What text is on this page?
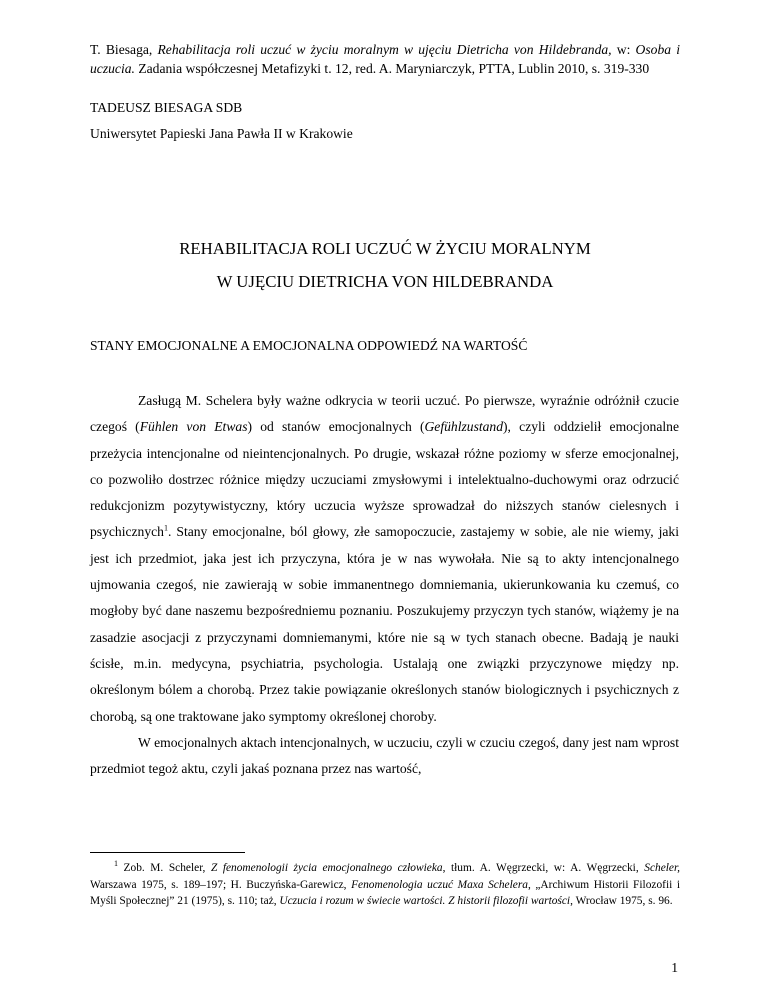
T. Biesaga, Rehabilitacja roli uczuć w życiu moralnym w ujęciu Dietricha von Hildebranda, w: Osoba i uczucia. Zadania współczesnej Metafizyki t. 12, red. A. Maryniarczyk, PTTA, Lublin 2010, s. 319-330
TADEUSZ BIESAGA SDB
Uniwersytet Papieski Jana Pawła II w Krakowie
REHABILITACJA ROLI UCZUĆ W ŻYCIU MORALNYM
W UJĘCIU DIETRICHA VON HILDEBRANDA
STANY EMOCJONALNE A EMOCJONALNA ODPOWIEDŹ NA WARTOŚĆ

Zasługą M. Schelera były ważne odkrycia w teorii uczuć. Po pierwsze, wyraźnie odróżnił czucie czegoś (Fühlen von Etwas) od stanów emocjonalnych (Gefühlzustand), czyli oddzielił emocjonalne przeżycia intencjonalne od nieintencjonalnych. Po drugie, wskazał różne poziomy w sferze emocjonalnej, co pozwoliło dostrzec różnice między uczuciami zmysłowymi i intelektualno-duchowymi oraz odrzucić redukcjonizm pozytywistyczny, który uczucia wyższe sprowadzał do niższych stanów cielesnych i psychicznych$^1$. Stany emocjonalne, ból głowy, złe samopoczucie, zastajemy w sobie, ale nie wiemy, jaki jest ich przedmiot, jaka jest ich przyczyna, która je w nas wywołała. Nie są to akty intencjonalnego ujmowania czegoś, nie zawierają w sobie immanentnego domniemania, ukierunkowania ku czemuś, co mogłoby być dane naszemu bezpośredniemu poznaniu. Poszukujemy przyczyn tych stanów, wiążemy je na zasadzie asocjacji z przyczynami domniemanymi, które nie są w tych stanach obecne. Badają je nauki ścisłe, m.in. medycyna, psychiatria, psychologia. Ustalają one związki przyczynowe między np. określonym bólem a chorobą. Przez takie powiązanie określonych stanów biologicznych i psychicznych z chorobą, są one traktowane jako symptomy określonej choroby.

W emocjonalnych aktach intencjonalnych, w uczuciu, czyli w czuciu czegoś, dany jest nam wprost przedmiot tegoż aktu, czyli jakaś poznana przez nas wartość,

$^1$ Zob. M. Scheler, Z fenomenologii życia emocjonalnego człowieka, tłum. A. Węgrzecki, w: A. Węgrzecki, Scheler, Warszawa 1975, s. 189–197; H. Buczyńska-Garewicz, Fenomenologia uczuć Maxa Schelera, „Archiwum Historii Filozofii i Myśli Społecznej” 21 (1975), s. 110; taż, Uczucia i rozum w świecie wartości. Z historii filozofii wartości, Wrocław 1975, s. 96.
1
